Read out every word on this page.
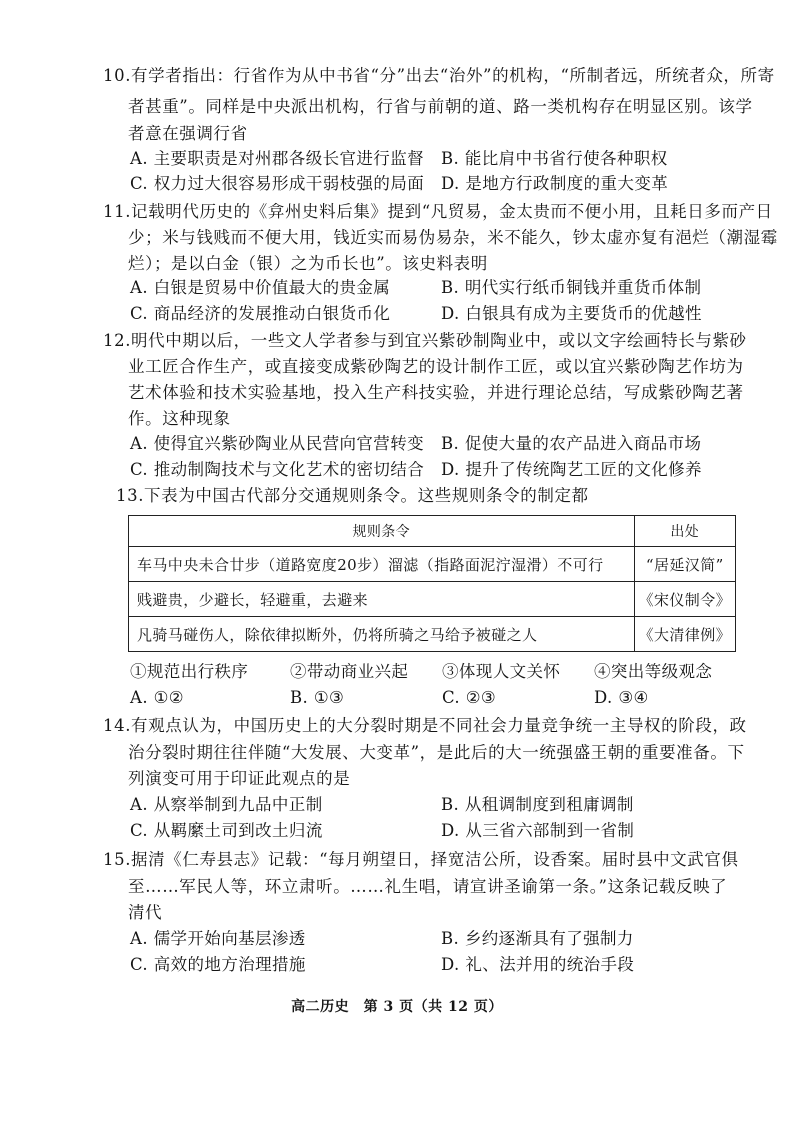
10.有学者指出：行省作为从中书省“分”出去“治外”的机构，“所制者远，所统者众，所寄
者甚重”。同样是中央派出机构，行省与前朝的道、路一类机构存在明显区别。该学
者意在强调行省
A. 主要职责是对州郡各级长官进行监督 B. 能比肩中书省行使各种职权
C. 权力过大很容易形成干弱枝强的局面 D. 是地方行政制度的重大变革
11.记载明代历史的《弇州史料后集》提到“凡贸易，金太贵而不便小用，且耗日多而产日
少；米与钱贱而不便大用，钱近实而易伪易杂，米不能久，钞太虚亦复有浥烂（潮湿霉
烂）；是以白金（银）之为币长也”。该史料表明
A. 白银是贸易中价值最大的贵金属	B. 明代实行纸币铜钱并重货币体制
C. 商品经济的发展推动白银货币化	D. 白银具有成为主要货币的优越性
12.明代中期以后，一些文人学者参与到宜兴紫砂制陶业中，或以文字绘画特长与紫砂
业工匠合作生产，或直接变成紫砂陶艺的设计制作工匠，或以宜兴紫砂陶艺作坊为
艺术体验和技术实验基地，投入生产科技实验，并进行理论总结，写成紫砂陶艺著
作。这种现象
A. 使得宜兴紫砂陶业从民营向官营转变 B. 促使大量的农产品进入商品市场
C. 推动制陶技术与文化艺术的密切结合 D. 提升了传统陶艺工匠的文化修养
13.下表为中国古代部分交通规则条令。这些规则条令的制定都
规则条令	出处
车马中央未合廿步（道路宽度20步）溜滤（指路面泥泞湿滑）不可行	“居延汉简”
贱避贵，少避长，轻避重，去避来	《宋仪制令》
凡骑马碰伤人，除依律拟断外，仍将所骑之马给予被碰之人	《大清律例》
①规范出行秩序	②带动商业兴起 ③体现人文关怀 ④突出等级观念
A. ①②	B. ①③	C. ②③	D. ③④
14.有观点认为，中国历史上的大分裂时期是不同社会力量竞争统一主导权的阶段，政
治分裂时期往往伴随“大发展、大变革”，是此后的大一统强盛王朝的重要准备。下
列演变可用于印证此观点的是
A. 从察举制到九品中正制	B. 从租调制度到租庸调制
C. 从羁縻土司到改土归流	D. 从三省六部制到一省制
15.据清《仁寿县志》记载：“每月朔望日，择宽洁公所，设香案。届时县中文武官俱
至……军民人等，环立肃听。……礼生唱，请宣讲圣谕第一条。”这条记载反映了
清代
A. 儒学开始向基层渗透	B. 乡约逐渐具有了强制力
C. 高效的地方治理措施	D. 礼、法并用的统治手段
高二历史　第 3 页（共 12 页）
